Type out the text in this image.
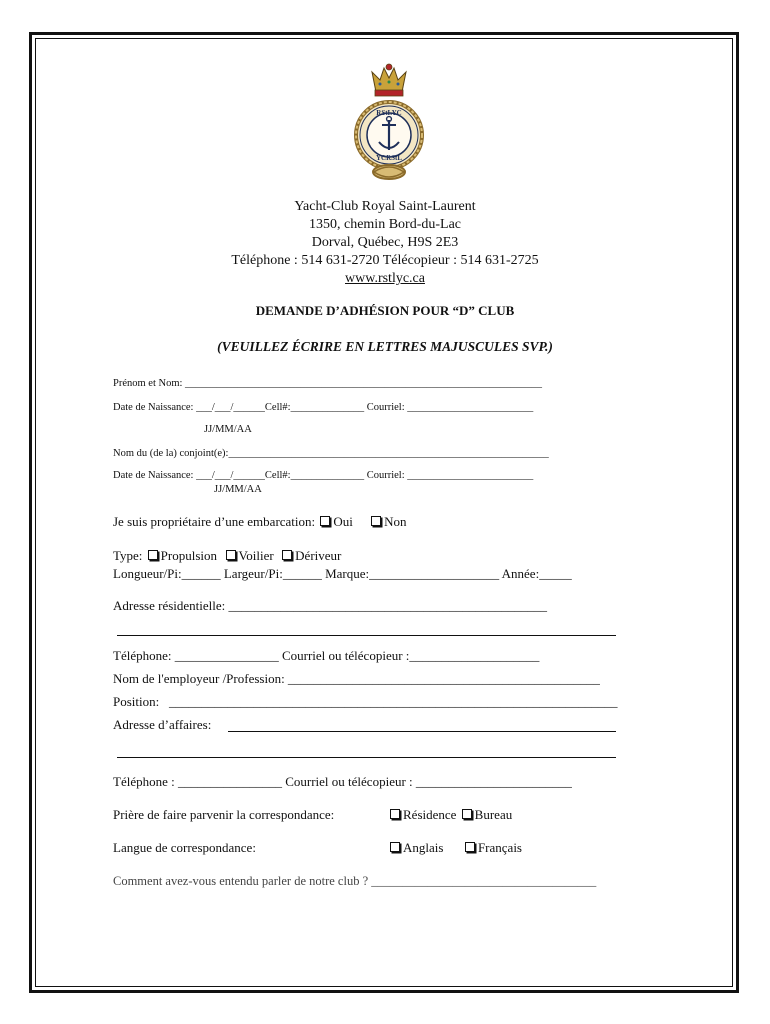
RStLYC
YCRStL
Yacht-Club Royal Saint-Laurent
1350, chemin Bord-du-Lac
Dorval, Québec, H9S 2E3
Téléphone : 514 631-2720 Télécopieur : 514 631-2725
www.rstlyc.ca
DEMANDE D’ADHÉSION POUR “D” CLUB
(VEUILLEZ ÉCRIRE EN LETTRES MAJUSCULES SVP.)
Prénom et Nom: ____________________________________________________________________
Date de Naissance: ___/___/______Cell#:______________ Courriel: ________________________
JJ/MM/AA
Nom du (de la) conjoint(e):_____________________________________________________________
Date de Naissance: ___/___/______Cell#:______________ Courriel: ________________________
JJ/MM/AA
Je suis propriétaire d’une embarcation: Oui Non
Type: Propulsion Voilier Dériveur
Longueur/Pi:______ Largeur/Pi:______ Marque:____________________ Année:_____
Adresse résidentielle: _________________________________________________
Téléphone: ________________ Courriel ou télécopieur :____________________
Nom de l'employeur /Profession: ________________________________________________
Position:   _____________________________________________________________________
Adresse d’affaires:
Téléphone : ________________ Courriel ou télécopieur : ________________________
Prière de faire parvenir la correspondance:	Résidence Bureau
Langue de correspondance:	Anglais	Français
Comment avez-vous entendu parler de notre club ? ____________________________________
